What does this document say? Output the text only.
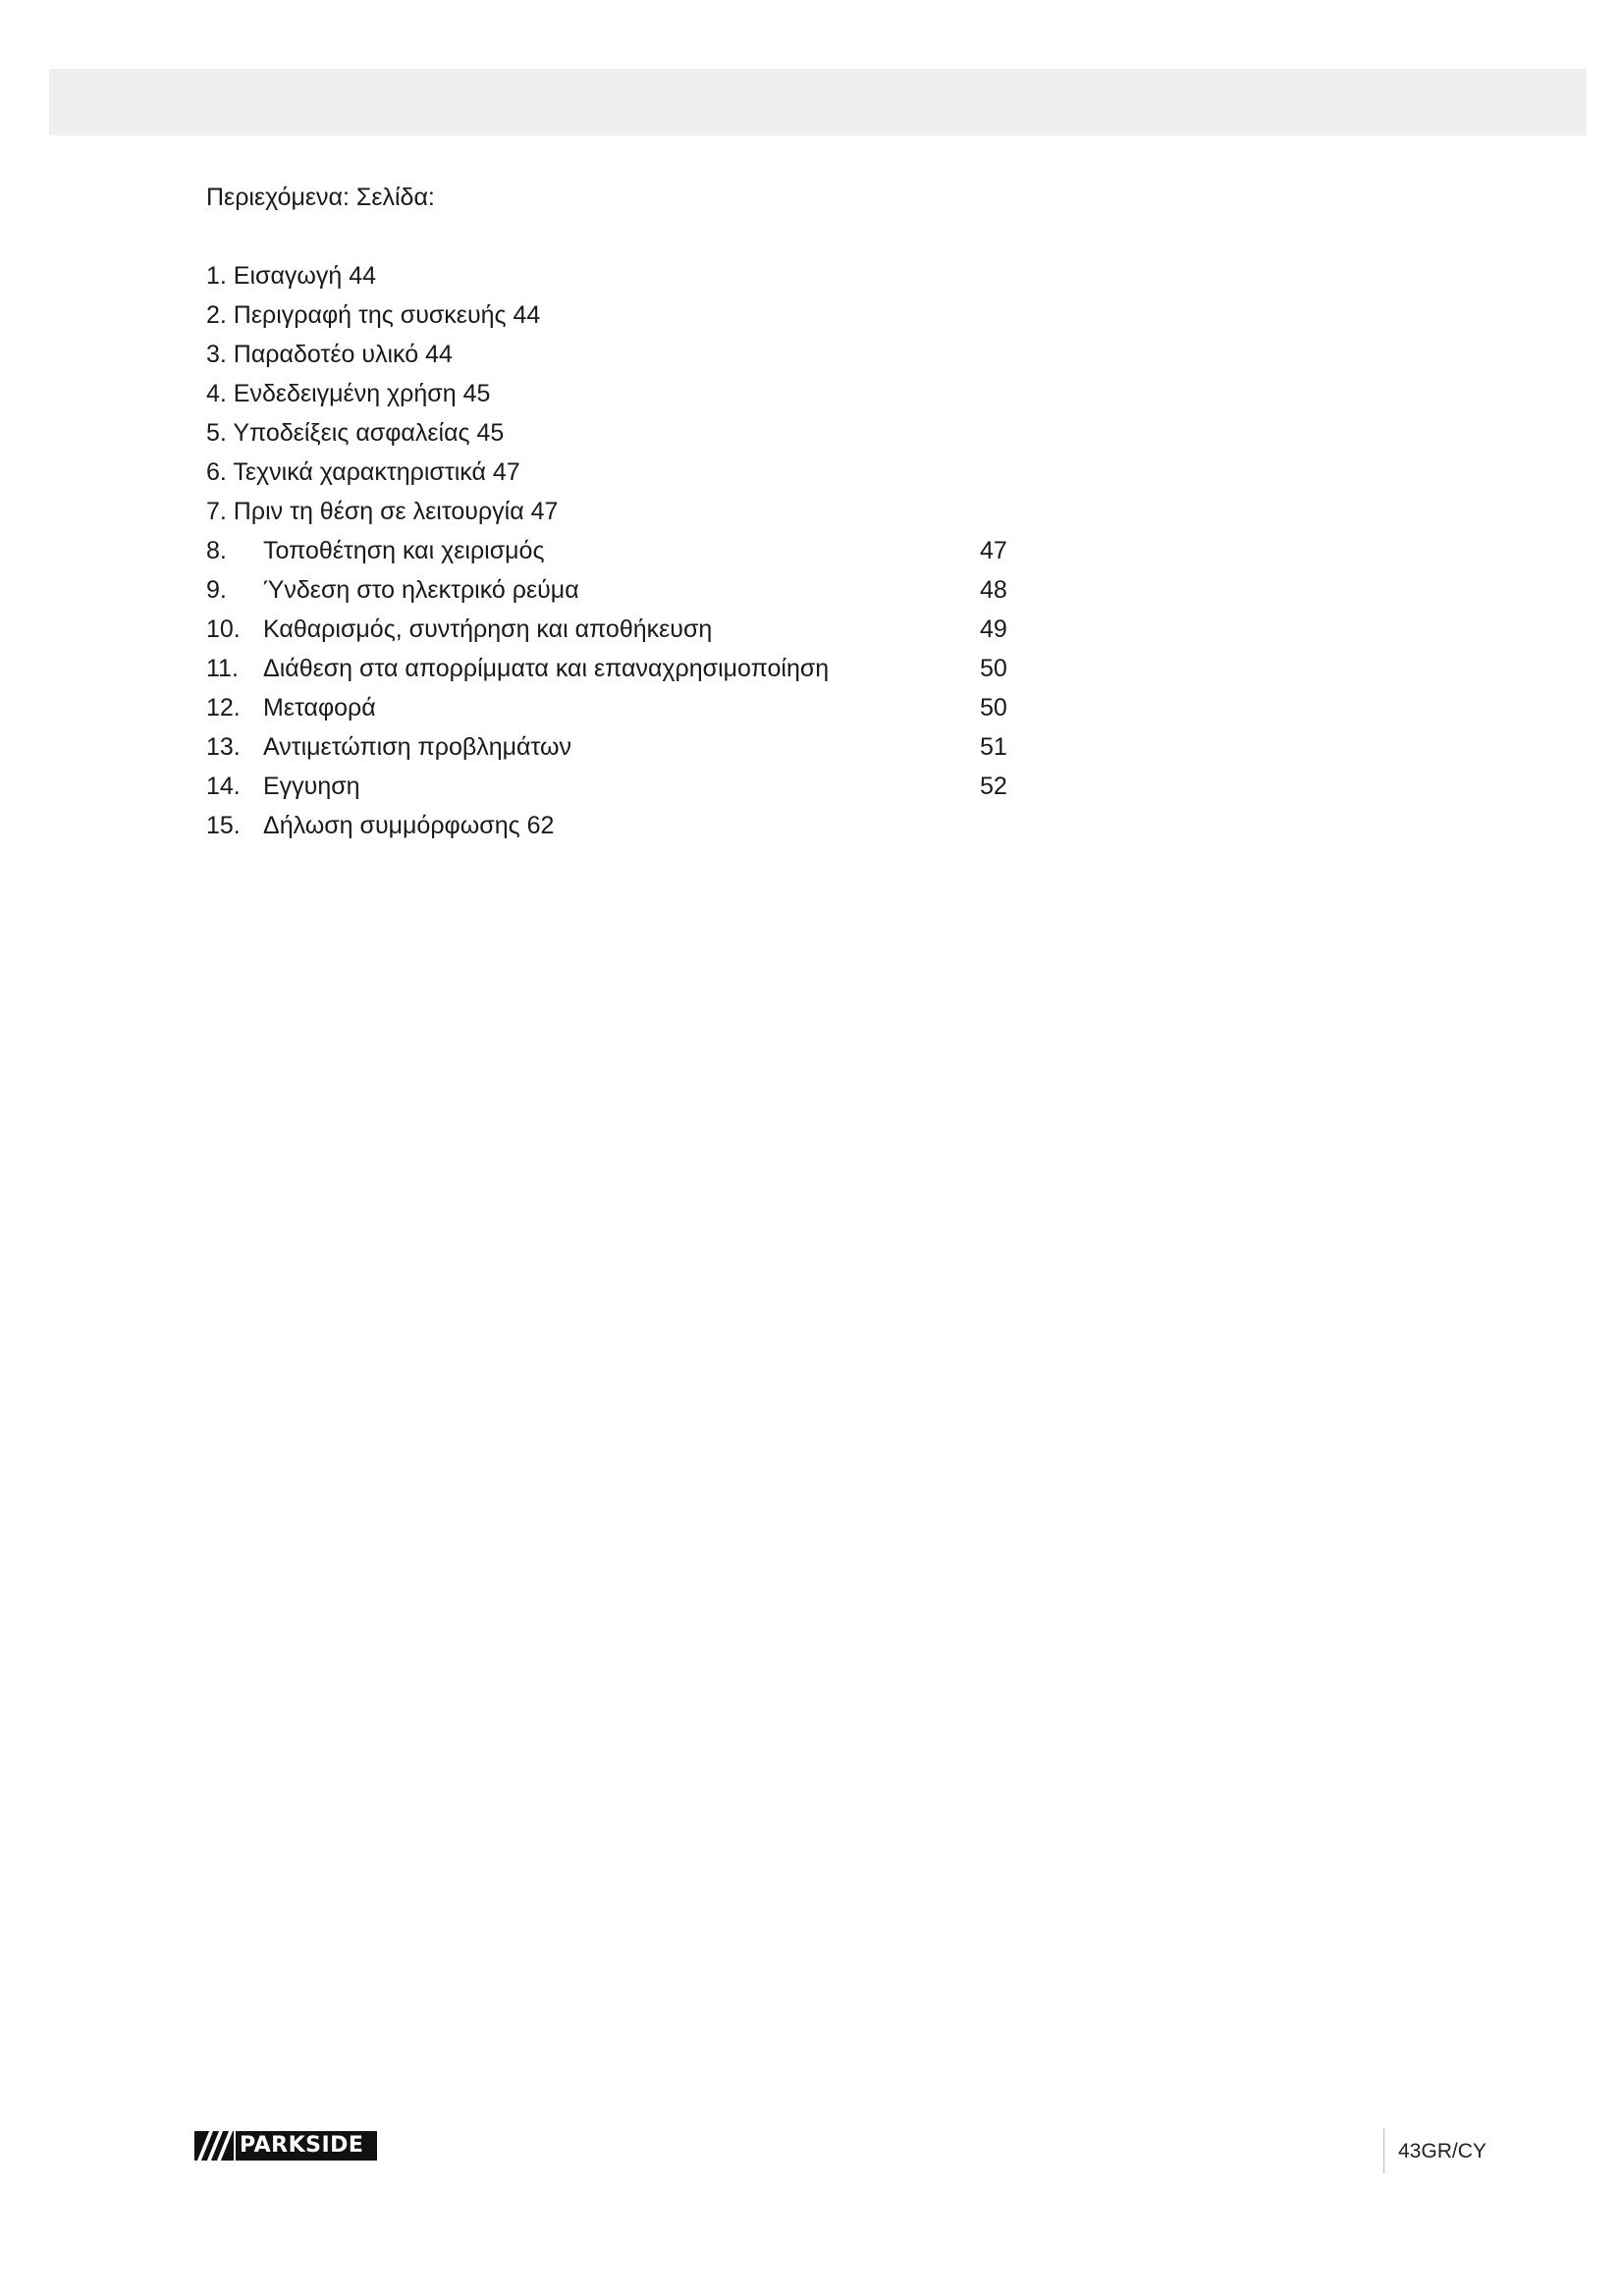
Περιεχόμενα: Σελίδα:
1. Εισαγωγή 44
2. Περιγραφή της συσκευής 44
3. Παραδοτέο υλικό 44
4. Ενδεδειγμένη χρήση 45
5. Υποδείξεις ασφαλείας 45
6. Τεχνικά χαρακτηριστικά 47
7. Πριν τη θέση σε λειτουργία 47
8. Τοποθέτηση και χειρισμός	47
9. Ύνδεση στο ηλεκτρικό ρεύμα	48
10. Καθαρισμός, συντήρηση και αποθήκευση	49
11. Διάθεση στα απορρίμματα και επαναχρησιμοποίηση	50
12. Μεταφορά	50
13. Αντιμετώπιση προβλημάτων	51
14. Εγγυηση	52
15. Δήλωση συμμόρφωσης 62
PARKSIDE	43GR/CY
